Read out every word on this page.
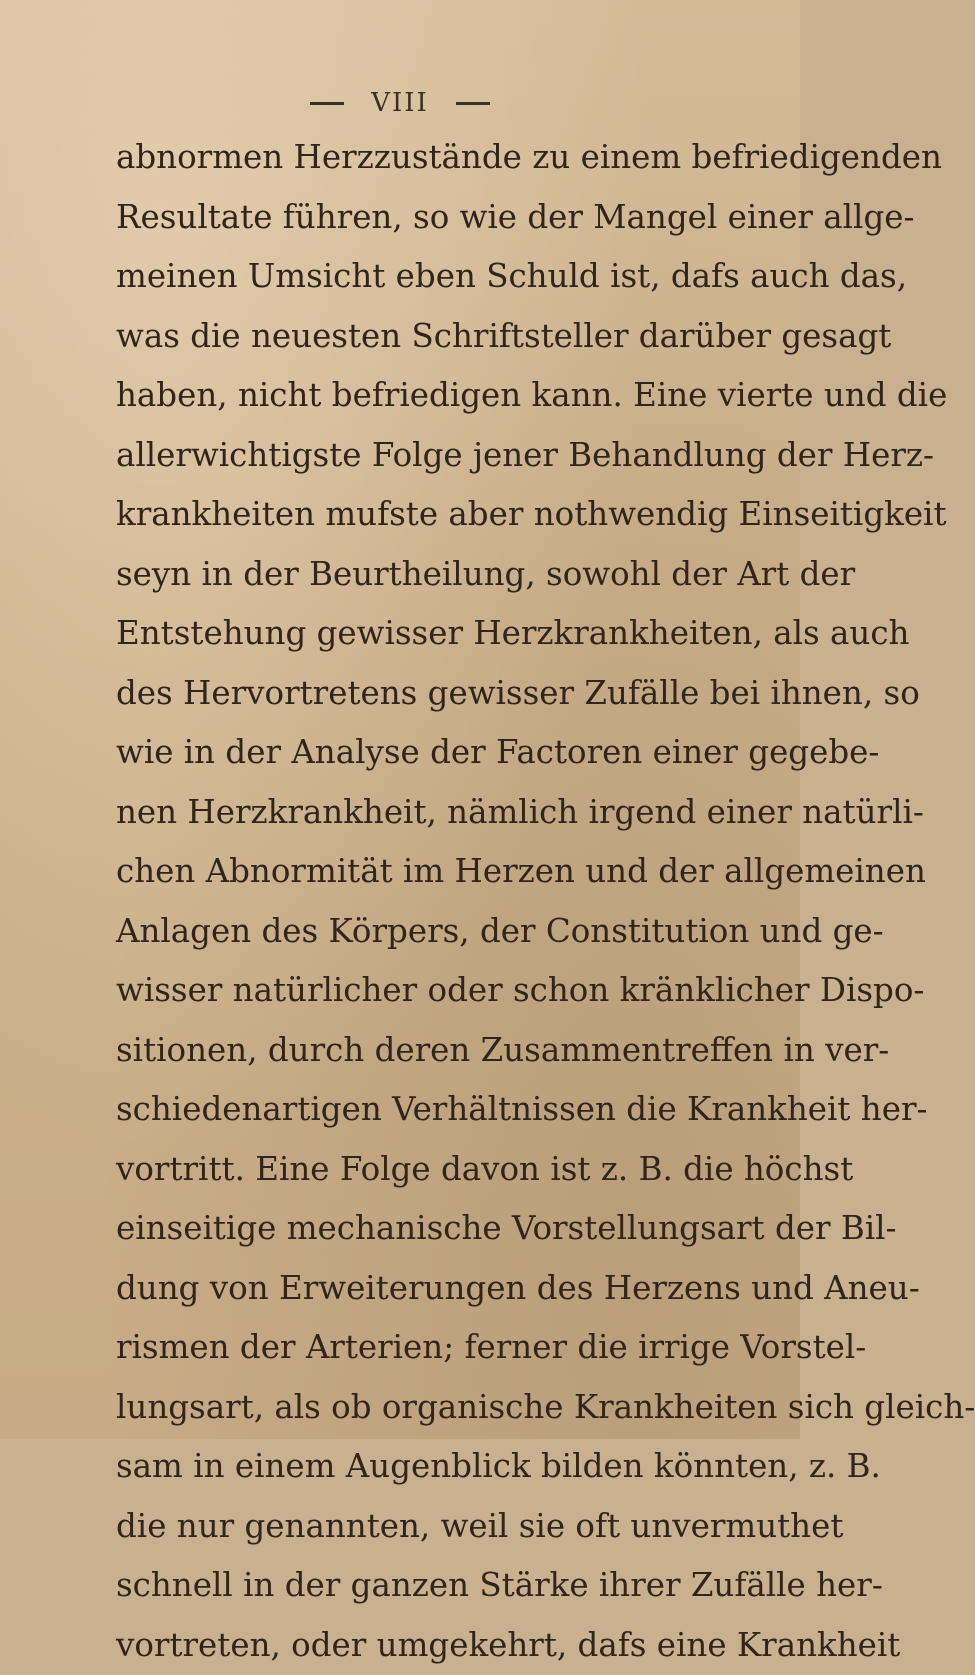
VIII
abnormen Herzzustände zu einem befriedigenden
Resultate führen, so wie der Mangel einer allge-
meinen Umsicht eben Schuld ist, dafs auch das,
was die neuesten Schriftsteller darüber gesagt
haben, nicht befriedigen kann. Eine vierte und die
allerwichtigste Folge jener Behandlung der Herz-
krankheiten mufste aber nothwendig Einseitigkeit
seyn in der Beurtheilung, sowohl der Art der
Entstehung gewisser Herzkrankheiten, als auch
des Hervortretens gewisser Zufälle bei ihnen, so
wie in der Analyse der Factoren einer gegebe-
nen Herzkrankheit, nämlich irgend einer natürli-
chen Abnormität im Herzen und der allgemeinen
Anlagen des Körpers, der Constitution und ge-
wisser natürlicher oder schon kränklicher Dispo-
sitionen, durch deren Zusammentreffen in ver-
schiedenartigen Verhältnissen die Krankheit her-
vortritt. Eine Folge davon ist z. B. die höchst
einseitige mechanische Vorstellungsart der Bil-
dung von Erweiterungen des Herzens und Aneu-
rismen der Arterien; ferner die irrige Vorstel-
lungsart, als ob organische Krankheiten sich gleich-
sam in einem Augenblick bilden könnten, z. B.
die nur genannten, weil sie oft unvermuthet
schnell in der ganzen Stärke ihrer Zufälle her-
vortreten, oder umgekehrt, dafs eine Krankheit
